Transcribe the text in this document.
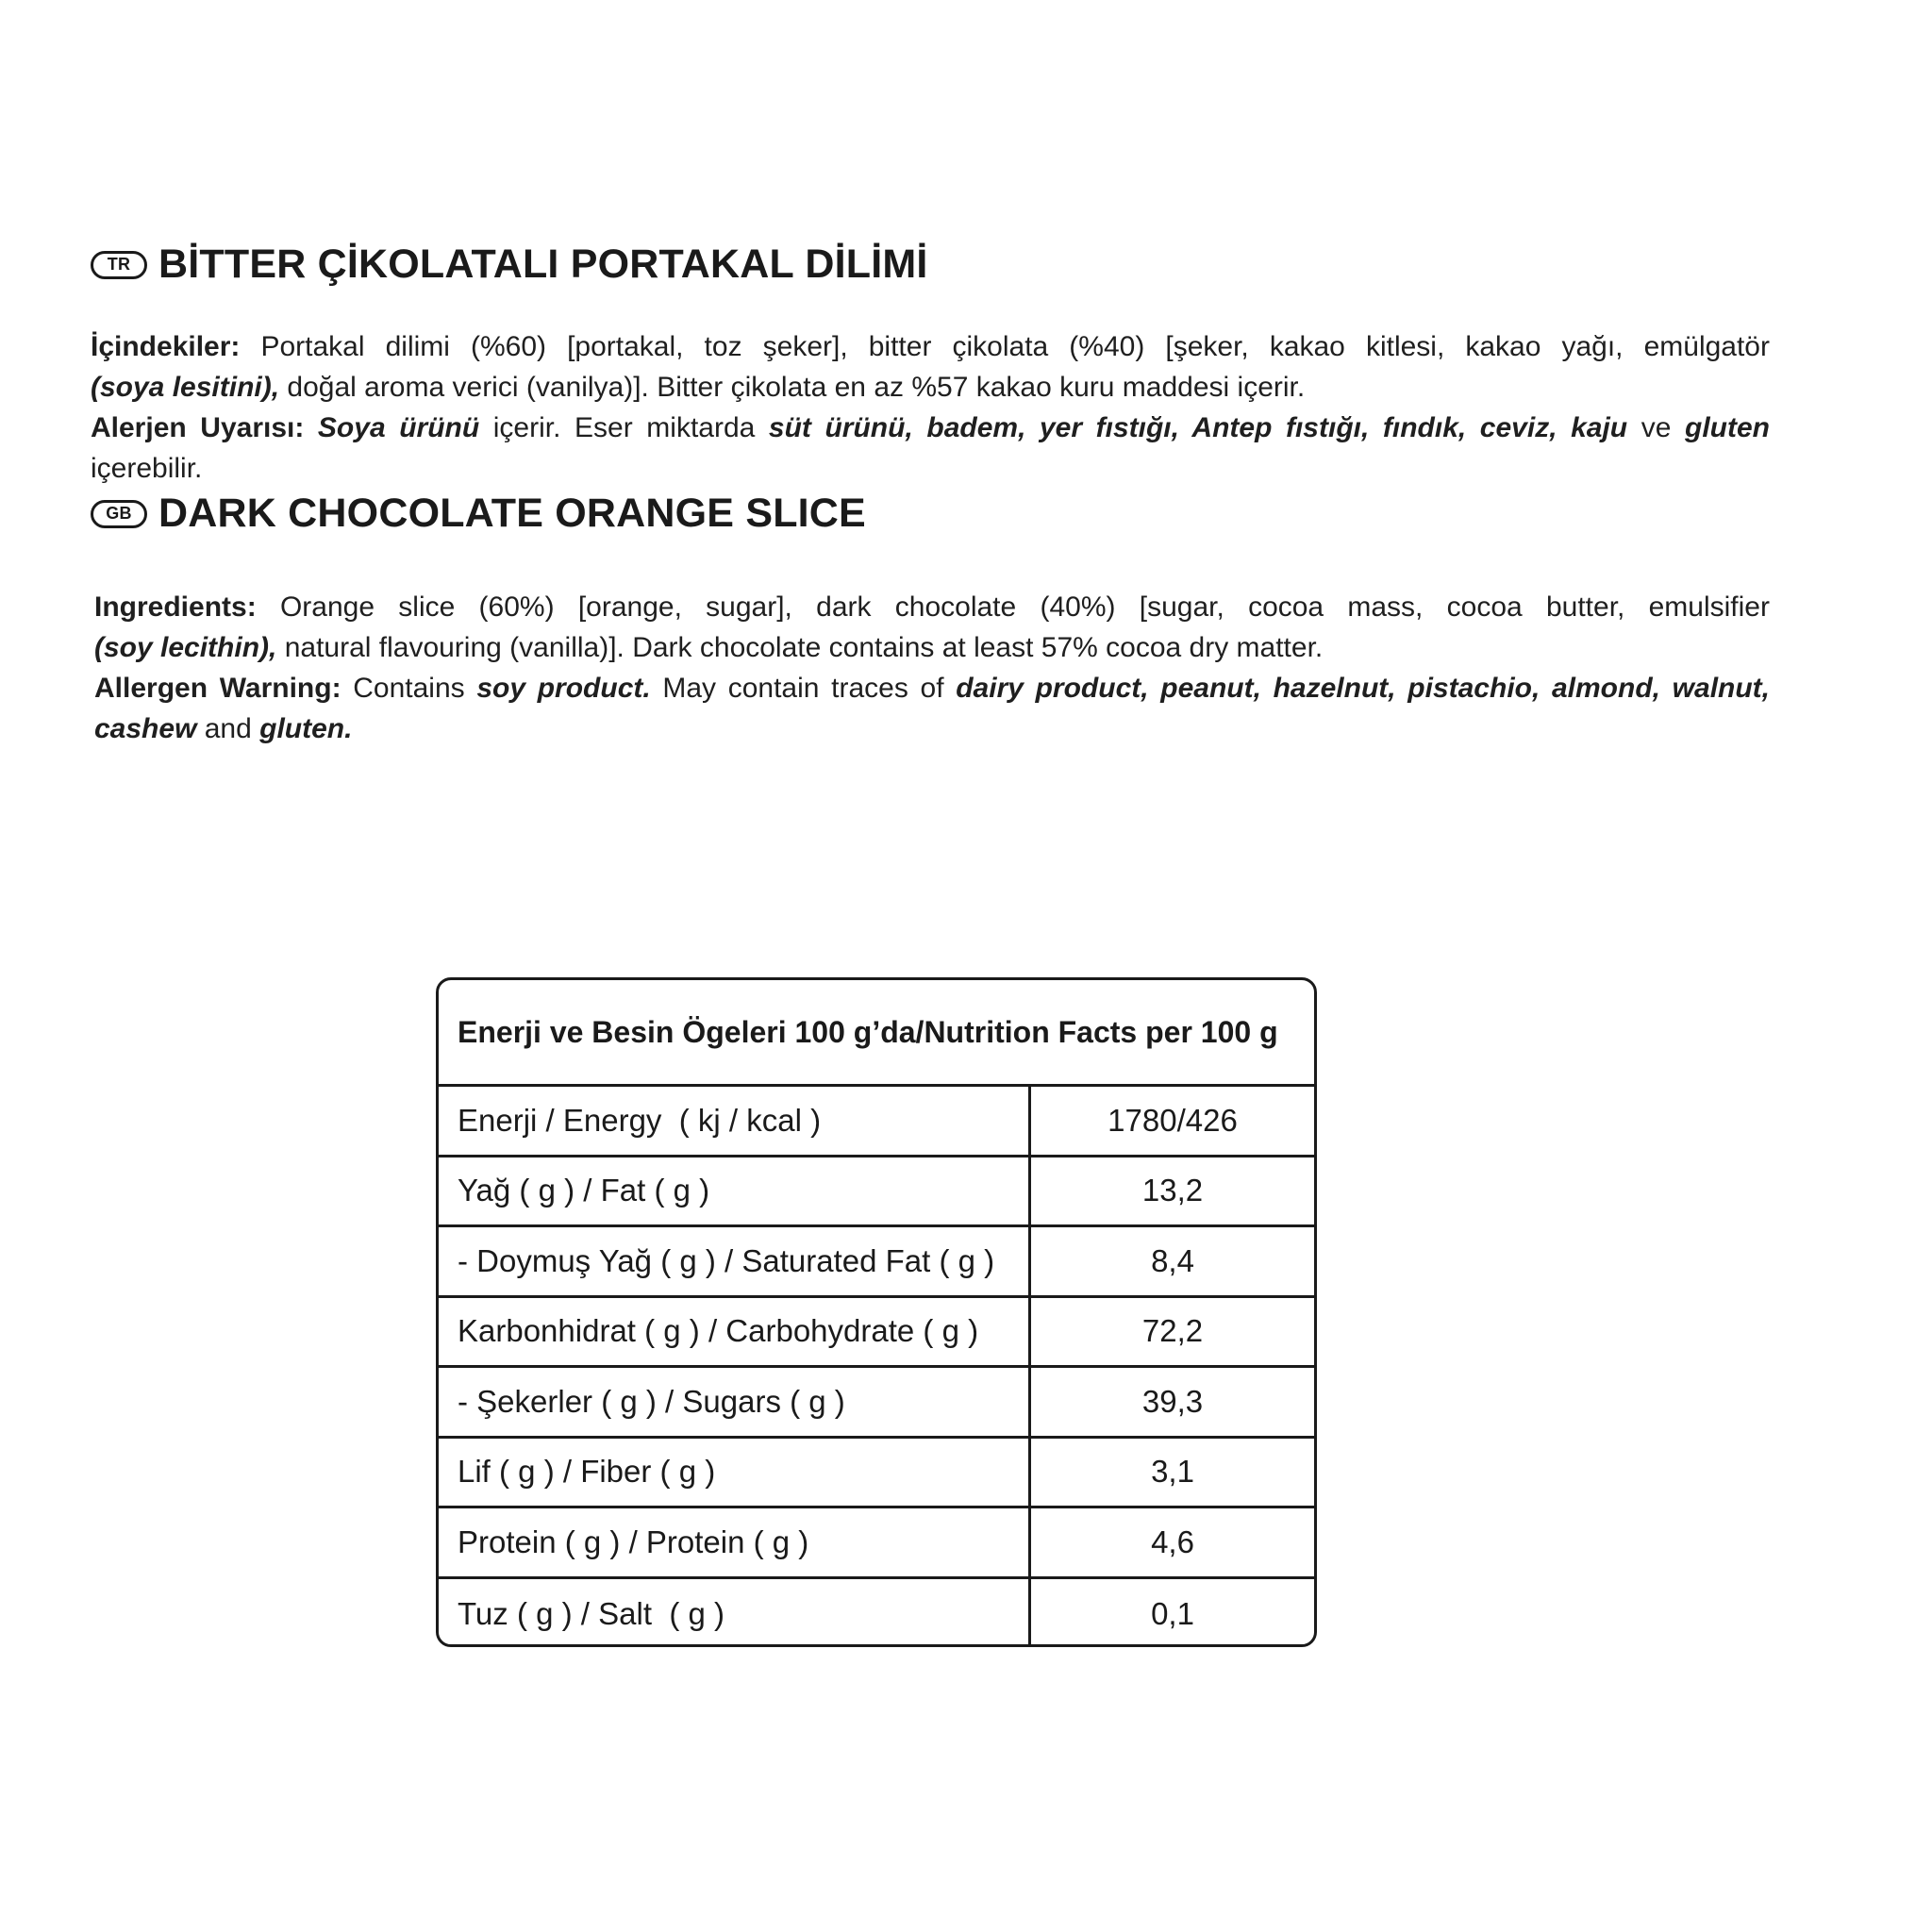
TR BİTTER ÇİKOLATALI PORTAKAL DİLİMİ
İçindekiler: Portakal dilimi (%60) [portakal, toz şeker], bitter çikolata (%40) [şeker, kakao kitlesi, kakao yağı, emülgatör
(soya lesitini), doğal aroma verici (vanilya)]. Bitter çikolata en az %57 kakao kuru maddesi içerir.
Alerjen Uyarısı: Soya ürünü içerir. Eser miktarda süt ürünü, badem, yer fıstığı, Antep fıstığı, fındık, ceviz, kaju ve gluten içerebilir.
GB DARK CHOCOLATE ORANGE SLICE
Ingredients: Orange slice (60%) [orange, sugar], dark chocolate (40%) [sugar, cocoa mass, cocoa butter, emulsifier
(soy lecithin), natural flavouring (vanilla)]. Dark chocolate contains at least 57% cocoa dry matter.
Allergen Warning: Contains soy product. May contain traces of dairy product, peanut, hazelnut, pistachio, almond, walnut,
cashew and gluten.
Enerji ve Besin Ögeleri 100 g’da/Nutrition Facts per 100 g
Enerji / Energy  ( kj / kcal )	1780/426
Yağ ( g ) / Fat ( g )	13,2
- Doymuş Yağ ( g ) / Saturated Fat ( g )	8,4
Karbonhidrat ( g ) / Carbohydrate ( g )	72,2
- Şekerler ( g ) / Sugars ( g )	39,3
Lif ( g ) / Fiber ( g )	3,1
Protein ( g ) / Protein ( g )	4,6
Tuz ( g ) / Salt  ( g )	0,1
